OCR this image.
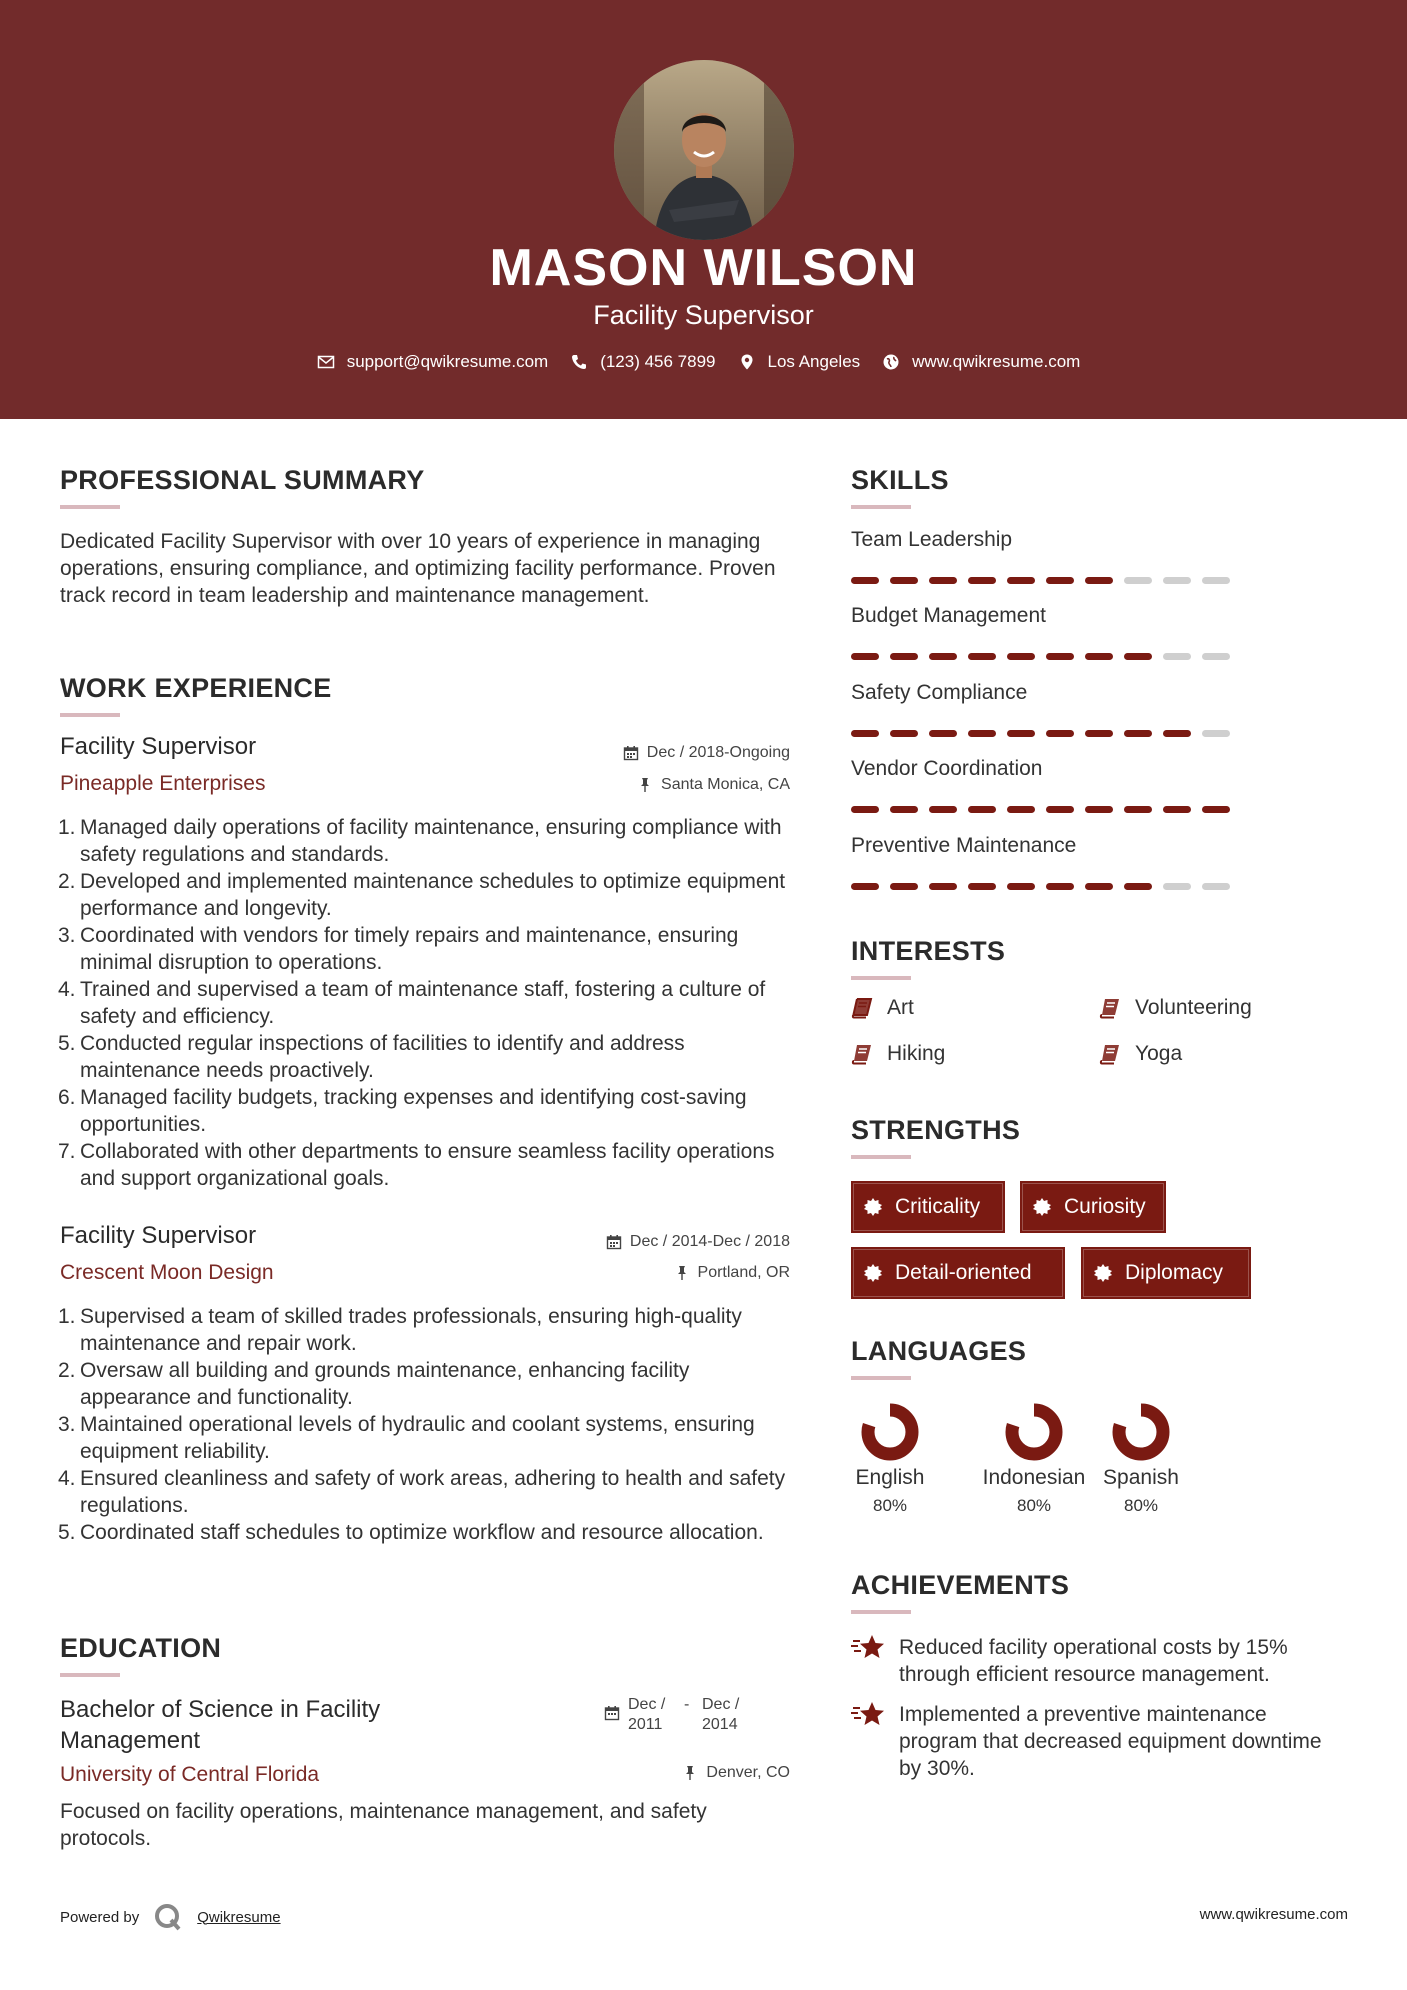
MASON WILSON
Facility Supervisor
support@qwikresume.com	(123) 456 7899	Los Angeles	www.qwikresume.com
PROFESSIONAL SUMMARY
Dedicated Facility Supervisor with over 10 years of experience in managing operations, ensuring compliance, and optimizing facility performance. Proven track record in team leadership and maintenance management.
WORK EXPERIENCE
Facility Supervisor
Pineapple Enterprises
Dec / 2018-Ongoing
Santa Monica, CA
1. Managed daily operations of facility maintenance, ensuring compliance with safety regulations and standards.
2. Developed and implemented maintenance schedules to optimize equipment performance and longevity.
3. Coordinated with vendors for timely repairs and maintenance, ensuring minimal disruption to operations.
4. Trained and supervised a team of maintenance staff, fostering a culture of safety and efficiency.
5. Conducted regular inspections of facilities to identify and address maintenance needs proactively.
6. Managed facility budgets, tracking expenses and identifying cost-saving opportunities.
7. Collaborated with other departments to ensure seamless facility operations and support organizational goals.
Facility Supervisor
Crescent Moon Design
Dec / 2014-Dec / 2018
Portland, OR
1. Supervised a team of skilled trades professionals, ensuring high-quality maintenance and repair work.
2. Oversaw all building and grounds maintenance, enhancing facility appearance and functionality.
3. Maintained operational levels of hydraulic and coolant systems, ensuring equipment reliability.
4. Ensured cleanliness and safety of work areas, adhering to health and safety regulations.
5. Coordinated staff schedules to optimize workflow and resource allocation.
EDUCATION
Bachelor of Science in Facility Management
Dec / 2011
- Dec / 2014
University of Central Florida	Denver, CO
Focused on facility operations, maintenance management, and safety protocols.
SKILLS
Team Leadership
Budget Management
Safety Compliance
Vendor Coordination
Preventive Maintenance
INTERESTS
Art	Volunteering
Hiking	Yoga
STRENGTHS
Criticality	Curiosity
Detail-oriented	Diplomacy
LANGUAGES
English
80%
Indonesian
80%
Spanish
80%
ACHIEVEMENTS
Reduced facility operational costs by 15% through efficient resource management.
Implemented a preventive maintenance program that decreased equipment downtime by 30%.
Powered by	Qwikresume	www.qwikresume.com
